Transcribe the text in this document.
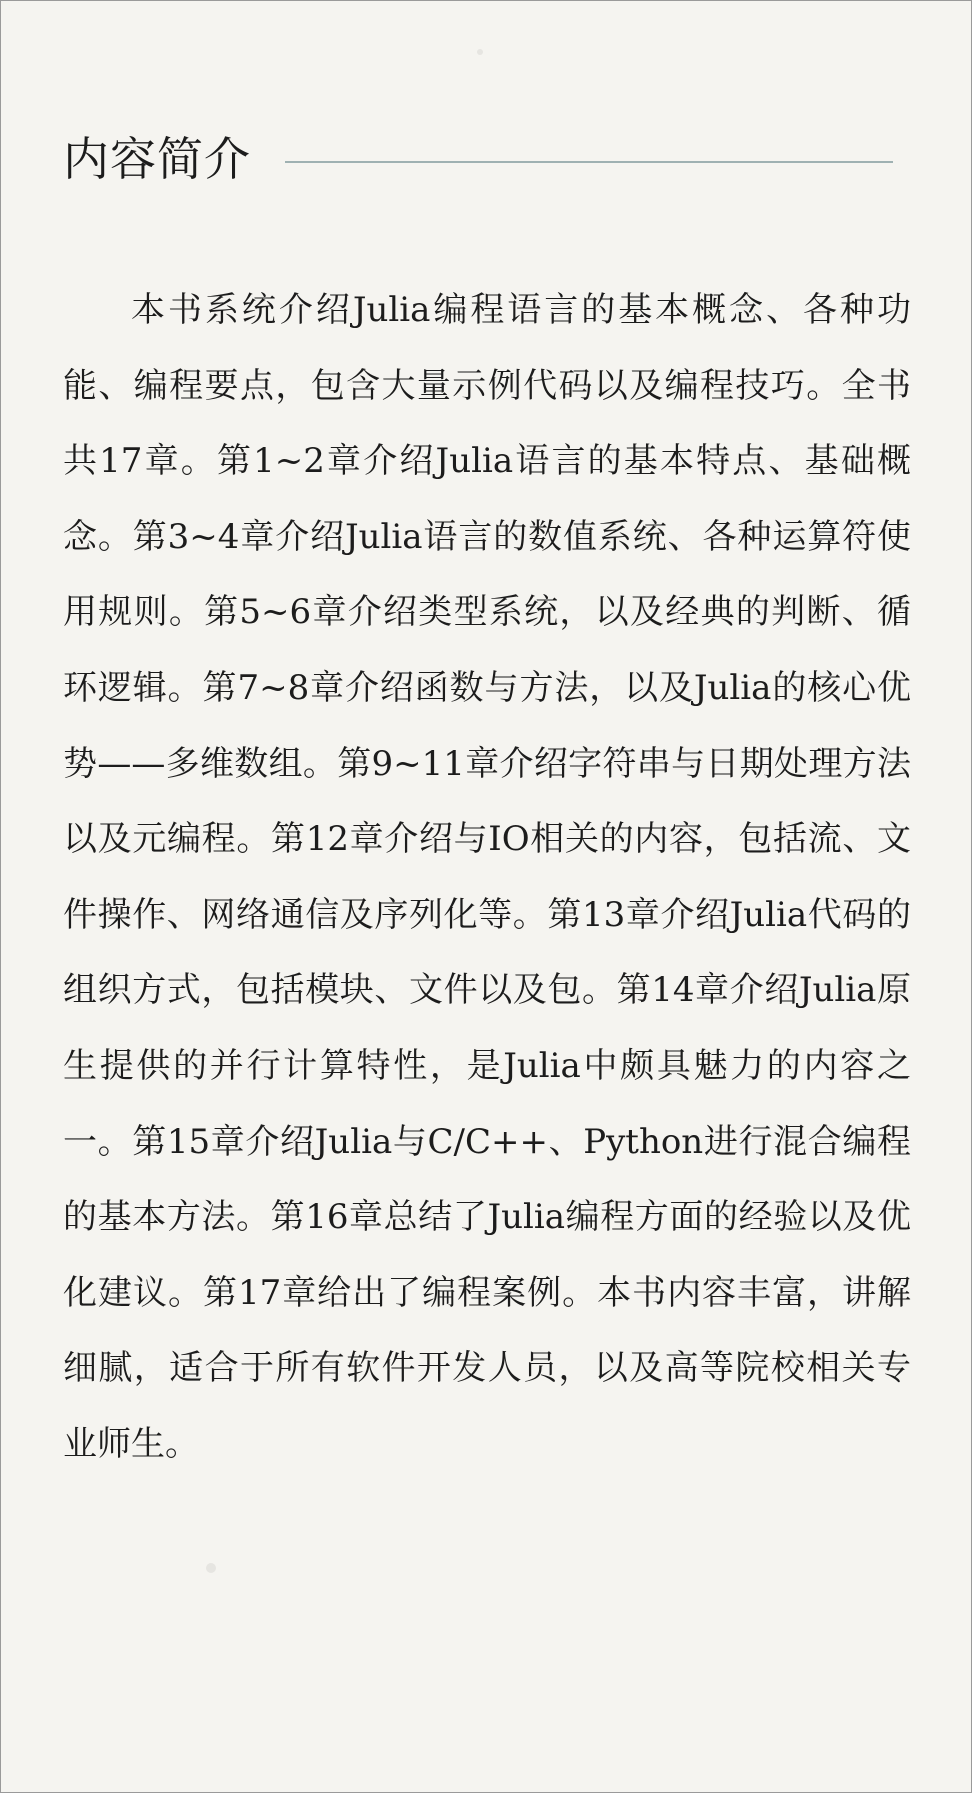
内容简介

本书系统介绍Julia编程语言的基本概念、各种功能、编程要点，包含大量示例代码以及编程技巧。全书共17章。第1~2章介绍Julia语言的基本特点、基础概念。第3~4章介绍Julia语言的数值系统、各种运算符使用规则。第5~6章介绍类型系统，以及经典的判断、循环逻辑。第7~8章介绍函数与方法，以及Julia的核心优势——多维数组。第9~11章介绍字符串与日期处理方法以及元编程。第12章介绍与IO相关的内容，包括流、文件操作、网络通信及序列化等。第13章介绍Julia代码的组织方式，包括模块、文件以及包。第14章介绍Julia原生提供的并行计算特性，是Julia中颇具魅力的内容之一。第15章介绍Julia与C/C++、Python进行混合编程的基本方法。第16章总结了Julia编程方面的经验以及优化建议。第17章给出了编程案例。本书内容丰富，讲解细腻，适合于所有软件开发人员，以及高等院校相关专业师生。
